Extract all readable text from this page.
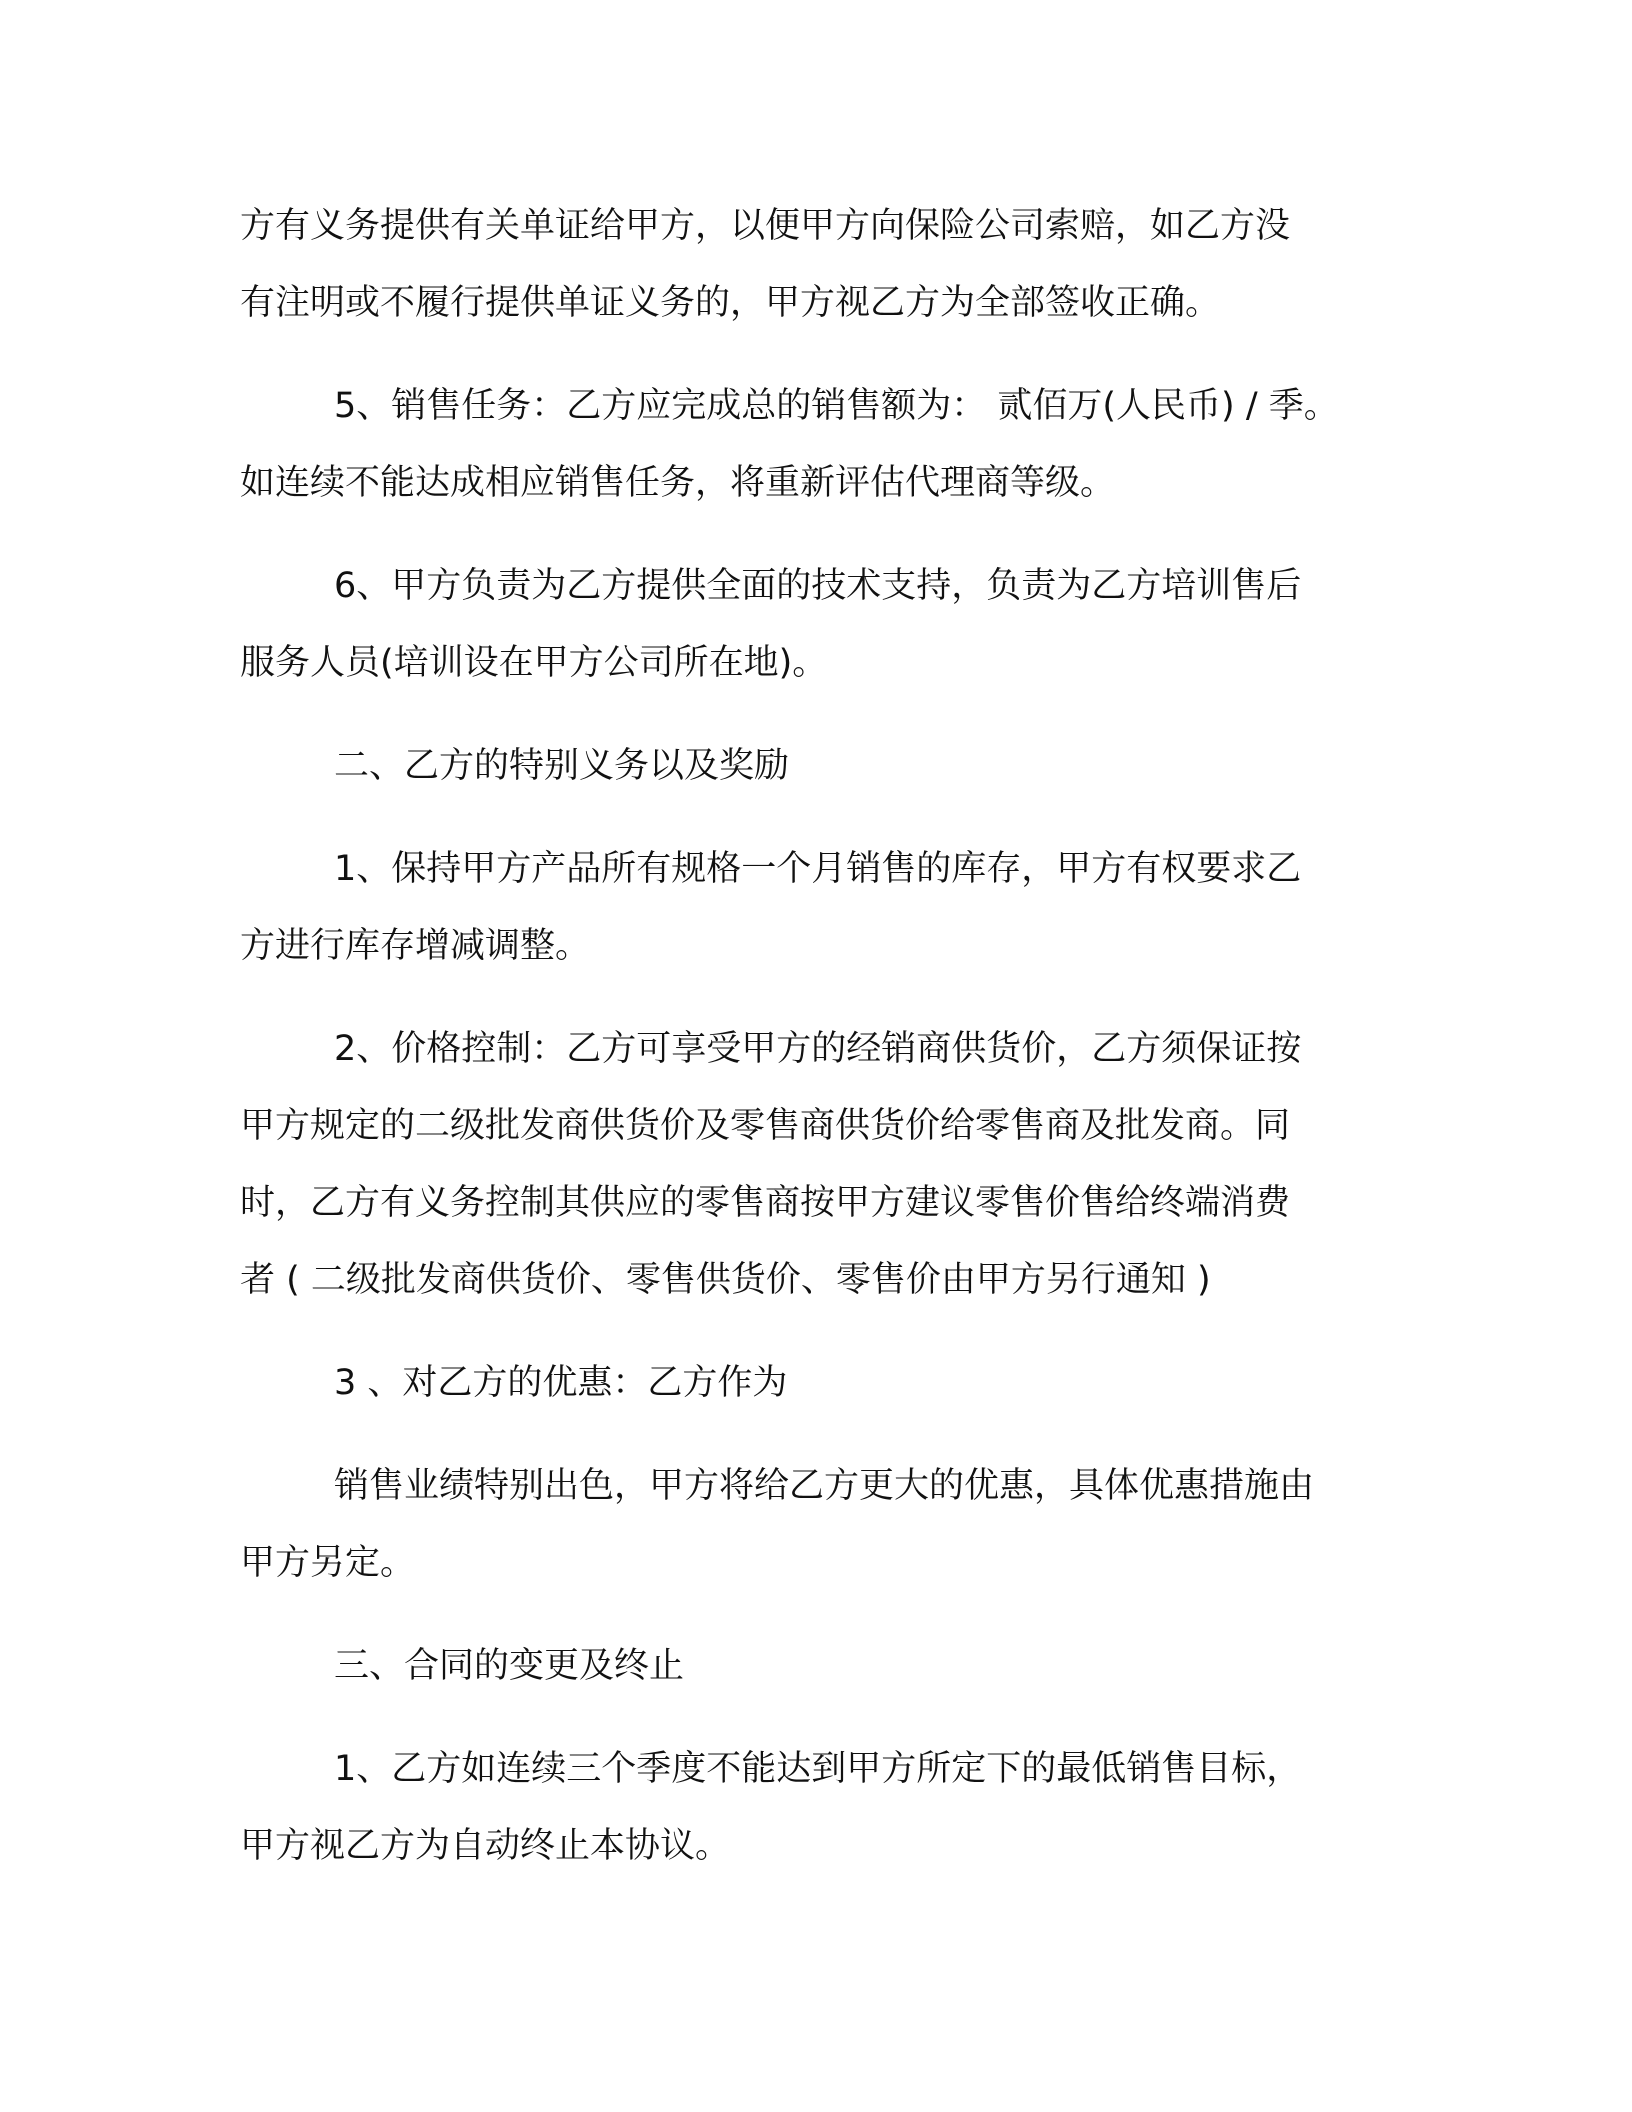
方有义务提供有关单证给甲方，以便甲方向保险公司索赔，如乙方没
有注明或不履行提供单证义务的，甲方视乙方为全部签收正确。

5、销售任务：乙方应完成总的销售额为： 贰佰万(人民币) / 季。
如连续不能达成相应销售任务，将重新评估代理商等级。

6、甲方负责为乙方提供全面的技术支持，负责为乙方培训售后
服务人员(培训设在甲方公司所在地)。

二、乙方的特别义务以及奖励

1、保持甲方产品所有规格一个月销售的库存，甲方有权要求乙
方进行库存增减调整。

2、价格控制：乙方可享受甲方的经销商供货价，乙方须保证按
甲方规定的二级批发商供货价及零售商供货价给零售商及批发商。同
时，乙方有义务控制其供应的零售商按甲方建议零售价售给终端消费
者 ( 二级批发商供货价、零售供货价、零售价由甲方另行通知 )

3 、对乙方的优惠：乙方作为

销售业绩特别出色，甲方将给乙方更大的优惠，具体优惠措施由
甲方另定。

三、合同的变更及终止

1、乙方如连续三个季度不能达到甲方所定下的最低销售目标，
甲方视乙方为自动终止本协议。
